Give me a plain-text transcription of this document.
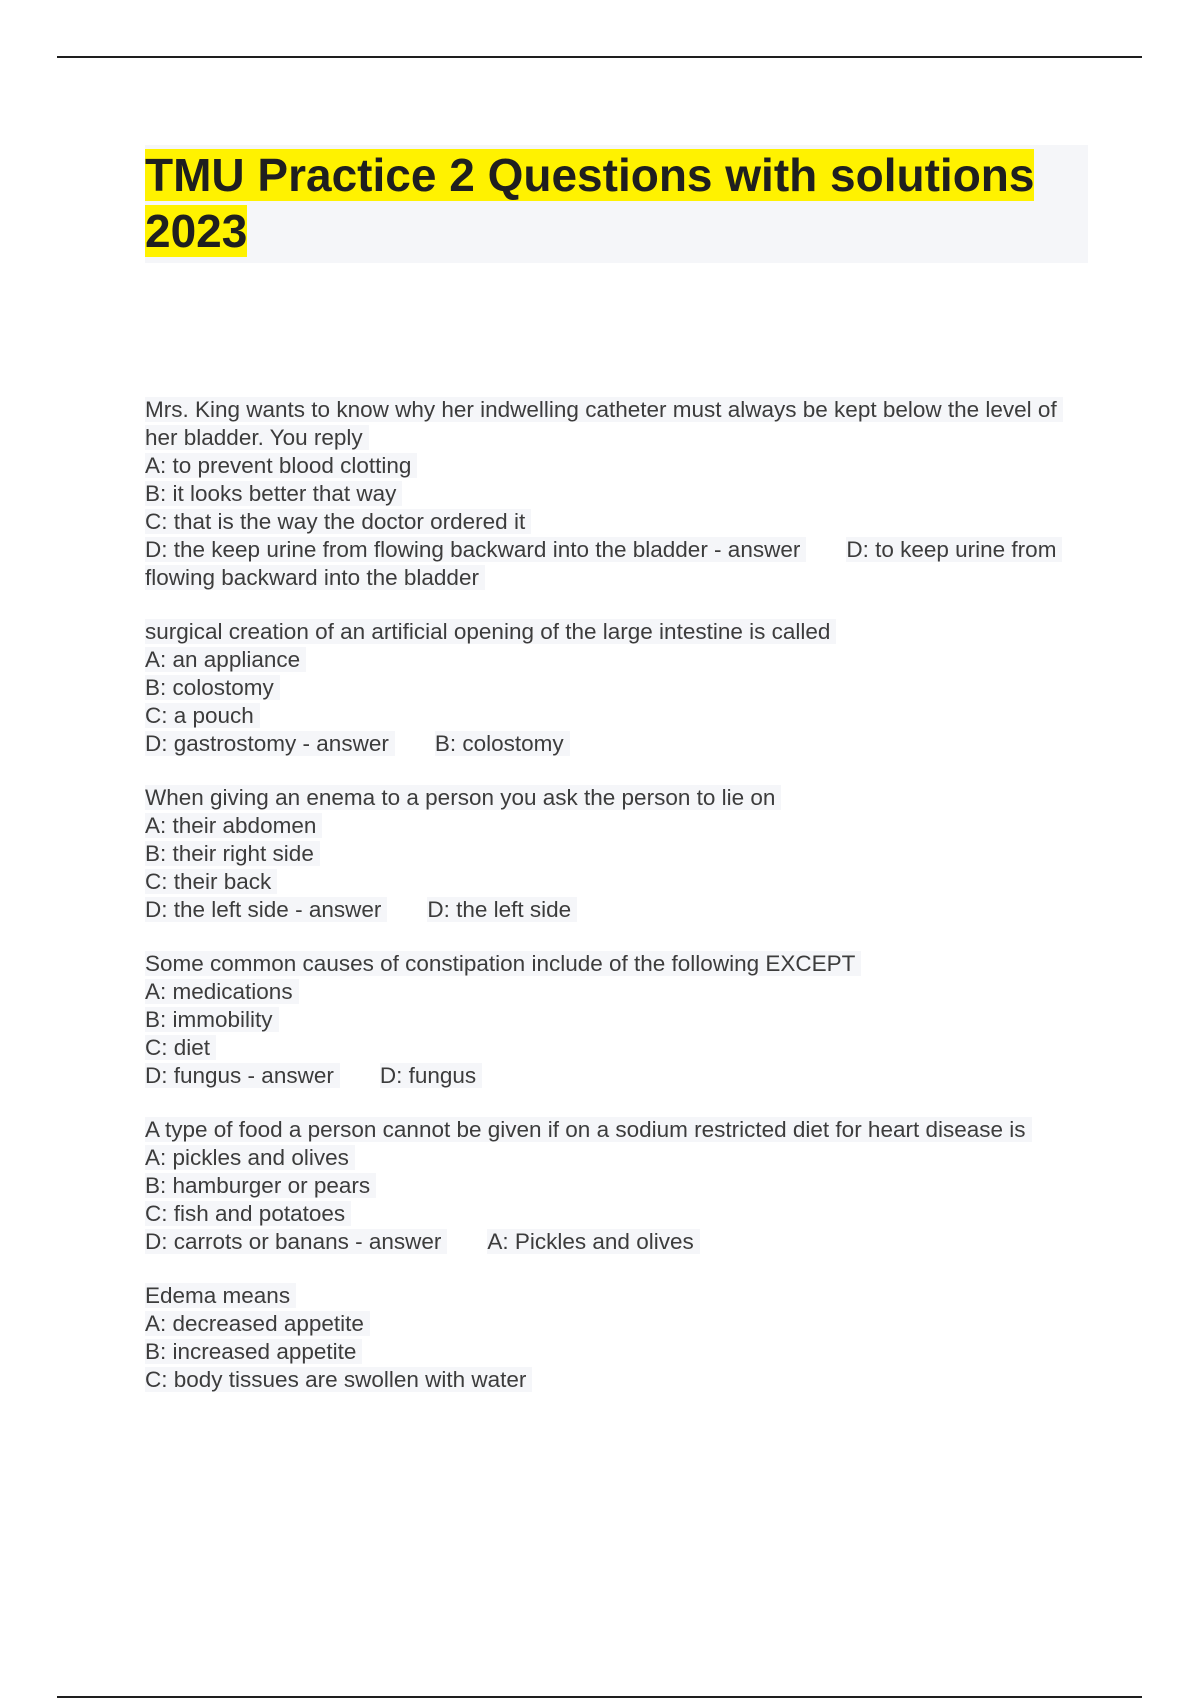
TMU Practice 2 Questions with solutions 2023

Mrs. King wants to know why her indwelling catheter must always be kept below the level of her bladder. You reply

A: to prevent blood clotting

B: it looks better that way

C: that is the way the doctor ordered it

D: the keep urine from flowing backward into the bladder - answer D: to keep urine from flowing backward into the bladder

surgical creation of an artificial opening of the large intestine is called

A: an appliance

B: colostomy

C: a pouch

D: gastrostomy - answer B: colostomy

When giving an enema to a person you ask the person to lie on

A: their abdomen

B: their right side

C: their back

D: the left side - answer D: the left side

Some common causes of constipation include of the following EXCEPT

A: medications

B: immobility

C: diet

D: fungus - answer D: fungus

A type of food a person cannot be given if on a sodium restricted diet for heart disease is

A: pickles and olives

B: hamburger or pears

C: fish and potatoes

D: carrots or banans - answer A: Pickles and olives

Edema means

A: decreased appetite

B: increased appetite

C: body tissues are swollen with water
